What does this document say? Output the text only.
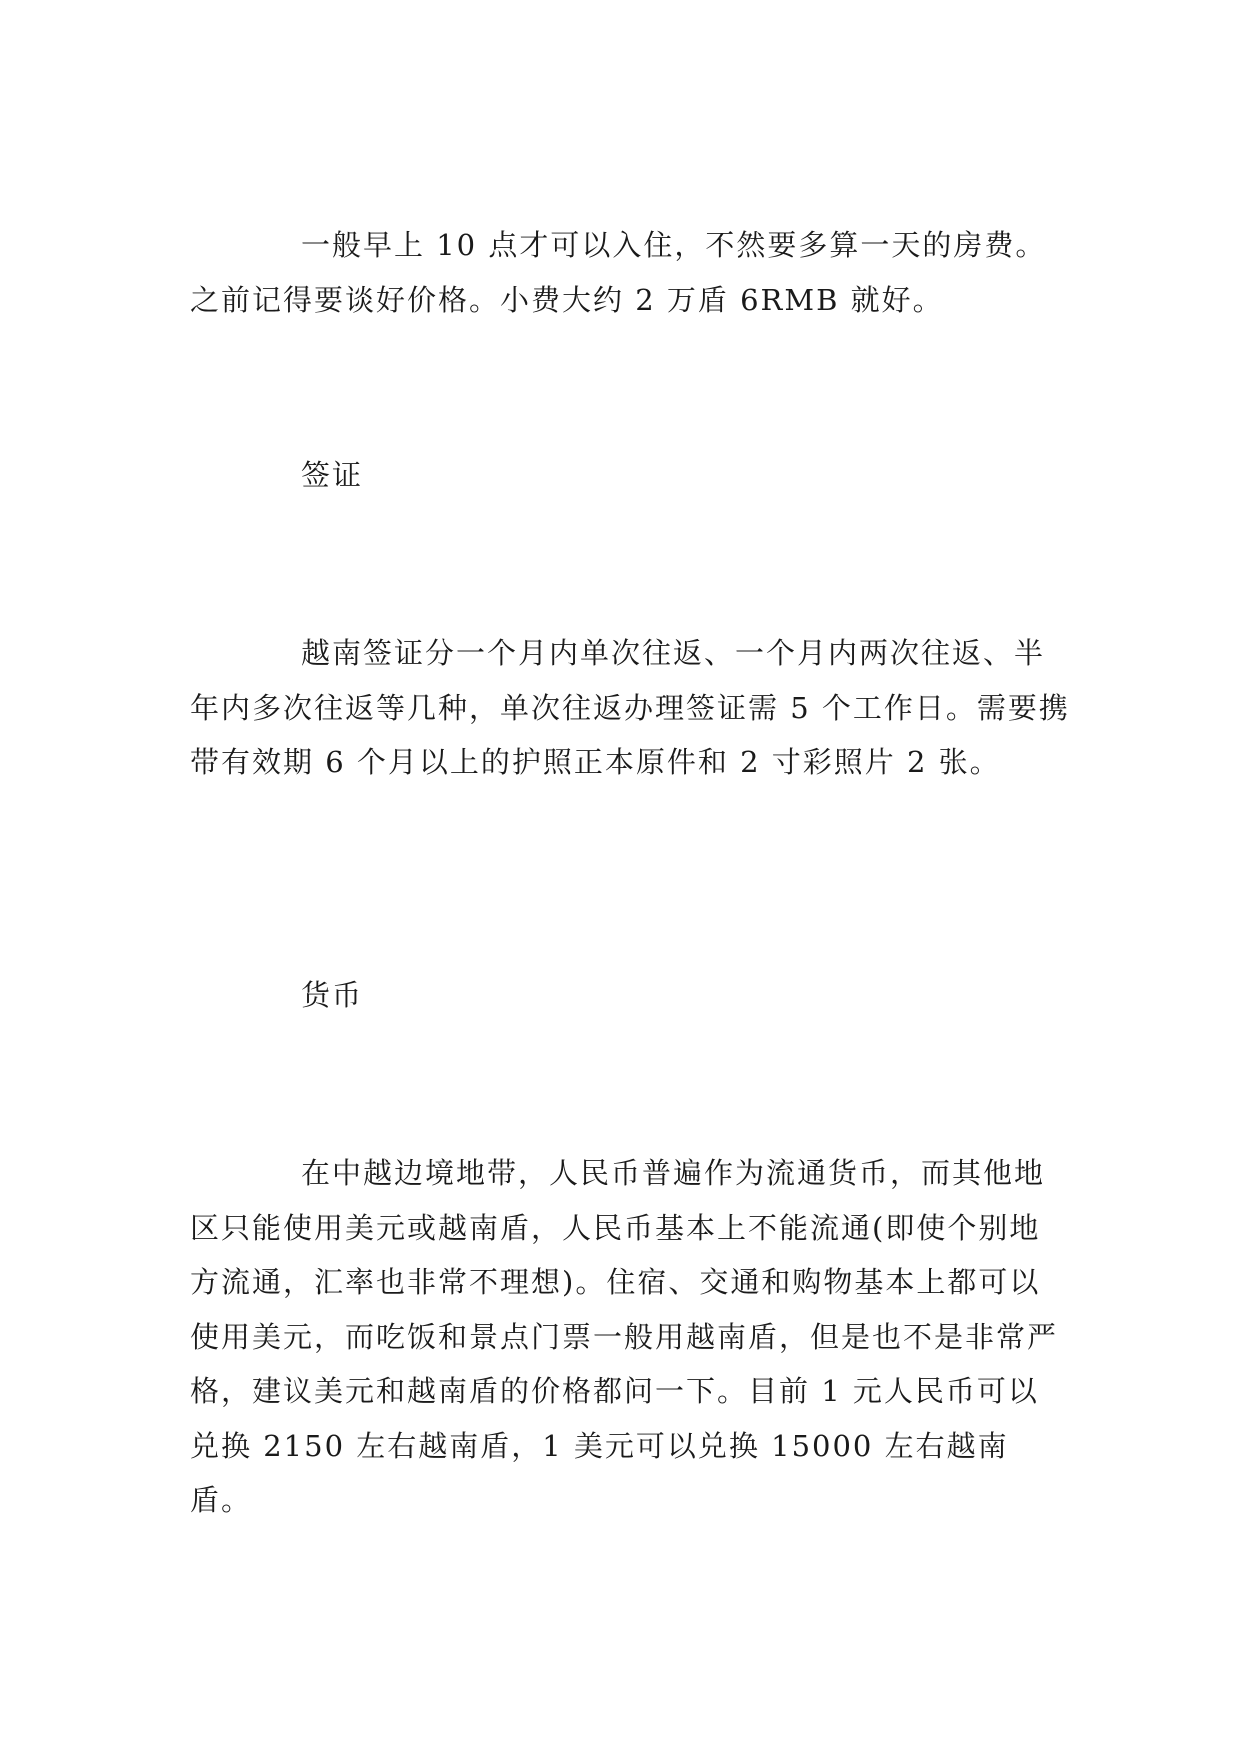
一般早上 10 点才可以入住，不然要多算一天的房费。之前记得要谈好价格。小费大约 2 万盾 6RMB 就好。

签证

越南签证分一个月内单次往返、一个月内两次往返、半年内多次往返等几种，单次往返办理签证需 5 个工作日。需要携带有效期 6 个月以上的护照正本原件和 2 寸彩照片 2 张。

货币

在中越边境地带，人民币普遍作为流通货币，而其他地区只能使用美元或越南盾，人民币基本上不能流通(即使个别地方流通，汇率也非常不理想)。住宿、交通和购物基本上都可以使用美元，而吃饭和景点门票一般用越南盾，但是也不是非常严格，建议美元和越南盾的价格都问一下。目前 1 元人民币可以兑换 2150 左右越南盾，1 美元可以兑换 15000 左右越南盾。
